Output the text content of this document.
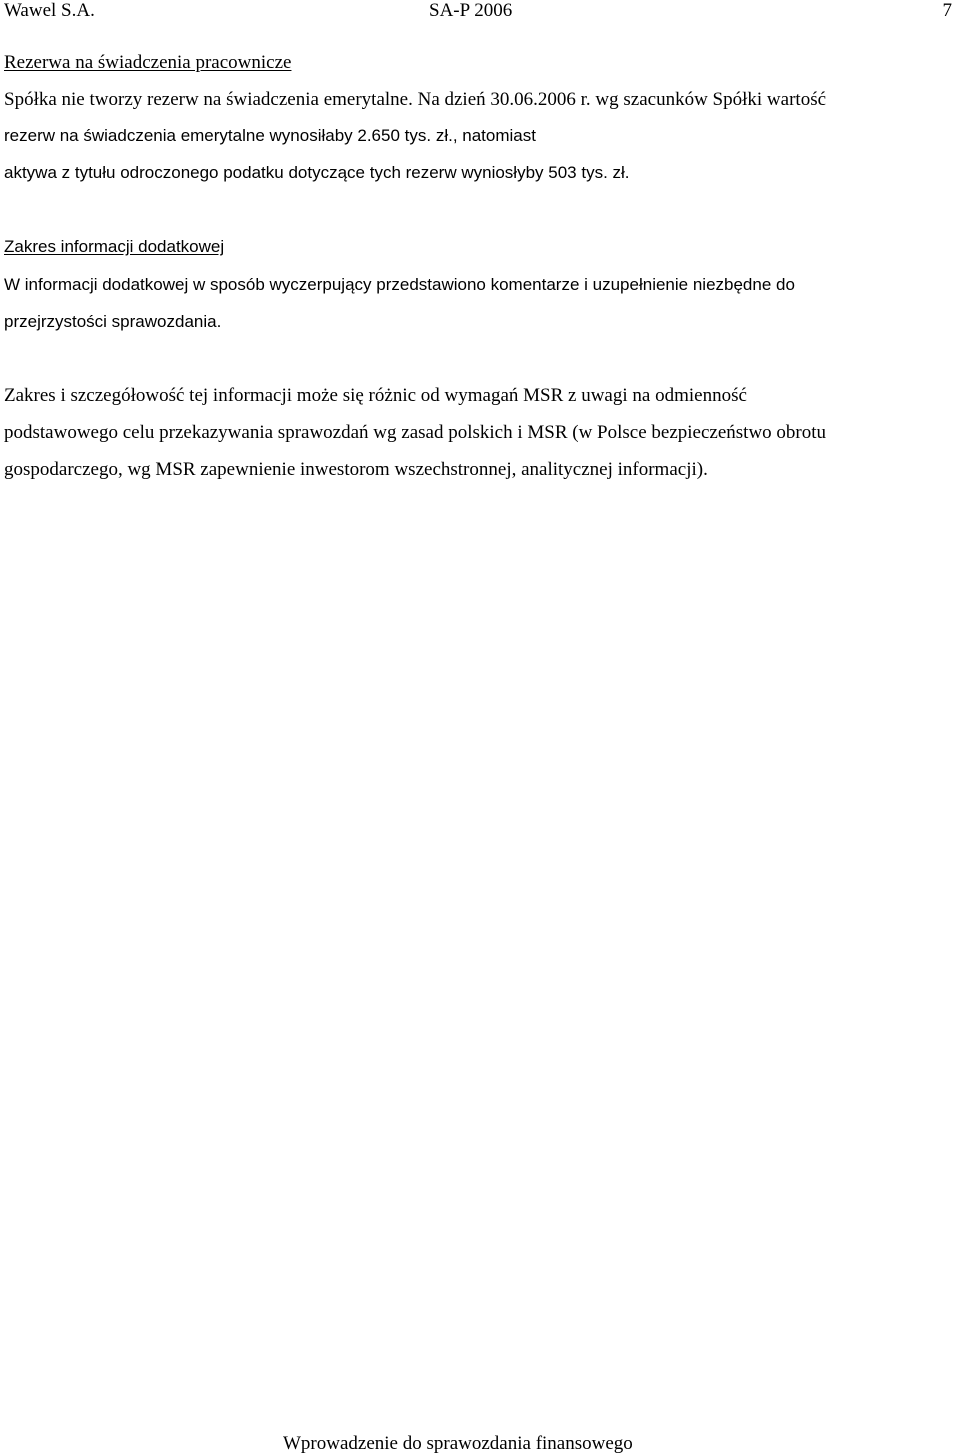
Wawel S.A.	SA-P 2006	7
Rezerwa na świadczenia pracownicze
Spółka nie tworzy rezerw na świadczenia emerytalne. Na dzień 30.06.2006 r. wg szacunków Spółki wartość
rezerw na świadczenia emerytalne wynosiłaby 2.650 tys. zł., natomiast
aktywa z tytułu odroczonego podatku dotyczące tych rezerw wyniosłyby 503 tys. zł.
Zakres informacji dodatkowej
W informacji dodatkowej w sposób wyczerpujący przedstawiono komentarze i uzupełnienie niezbędne do
przejrzystości sprawozdania.
Zakres i szczegółowość tej informacji może się różnic od wymagań MSR z uwagi na odmienność
podstawowego celu przekazywania sprawozdań wg zasad polskich i MSR (w Polsce bezpieczeństwo obrotu
gospodarczego, wg MSR zapewnienie inwestorom wszechstronnej, analitycznej informacji).
Wprowadzenie do sprawozdania finansowego
